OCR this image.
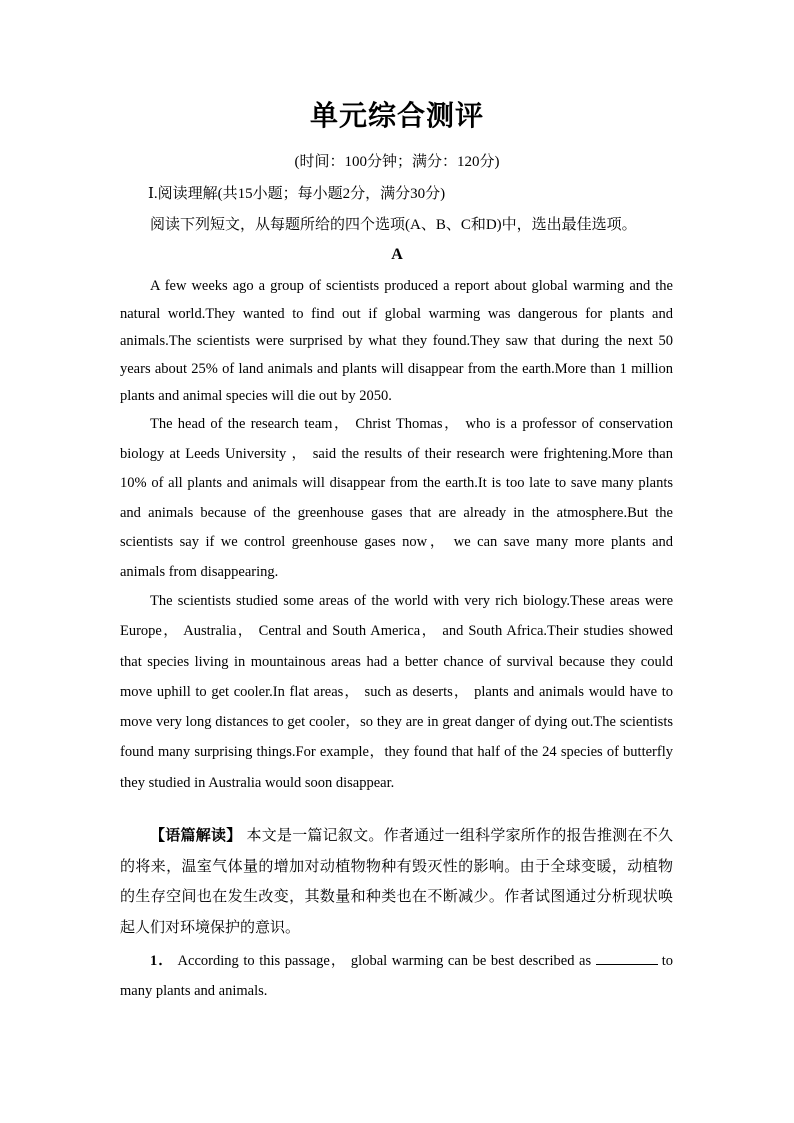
单元综合测评

(时间：100分钟；满分：120分)

Ⅰ.阅读理解(共15小题；每小题2分，满分30分)

阅读下列短文，从每题所给的四个选项(A、B、C和D)中，选出最佳选项。

A

A few weeks ago a group of scientists produced a report about global warming and the natural world.They wanted to find out if global warming was dangerous for plants and animals.The scientists were surprised by what they found.They saw that during the next 50 years about 25% of land animals and plants will disappear from the earth.More than 1 million plants and animal species will die out by 2050.

The head of the research team， Christ Thomas， who is a professor of conservation biology at Leeds University ， said the results of their research were frightening.More than 10% of all plants and animals will disappear from the earth.It is too late to save many plants and animals because of the greenhouse gases that are already in the atmosphere.But the scientists say if we control greenhouse gases now， we can save many more plants and animals from disappearing.

The scientists studied some areas of the world with very rich biology.These areas were Europe， Australia， Central and South America， and South Africa.Their studies showed that species living in mountainous areas had a better chance of survival because they could move uphill to get cooler.In flat areas， such as deserts， plants and animals would have to move very long distances to get cooler，so they are in great danger of dying out.The scientists found many surprising things.For example，they found that half of the 24 species of butterfly they studied in Australia would soon disappear.

【语篇解读】 本文是一篇记叙文。作者通过一组科学家所作的报告推测在不久的将来，温室气体量的增加对动植物物种有毁灭性的影响。由于全球变暖，动植物的生存空间也在发生改变，其数量和种类也在不断减少。作者试图通过分析现状唤起人们对环境保护的意识。

1． According to this passage， global warming can be best described as	to many plants and animals.
